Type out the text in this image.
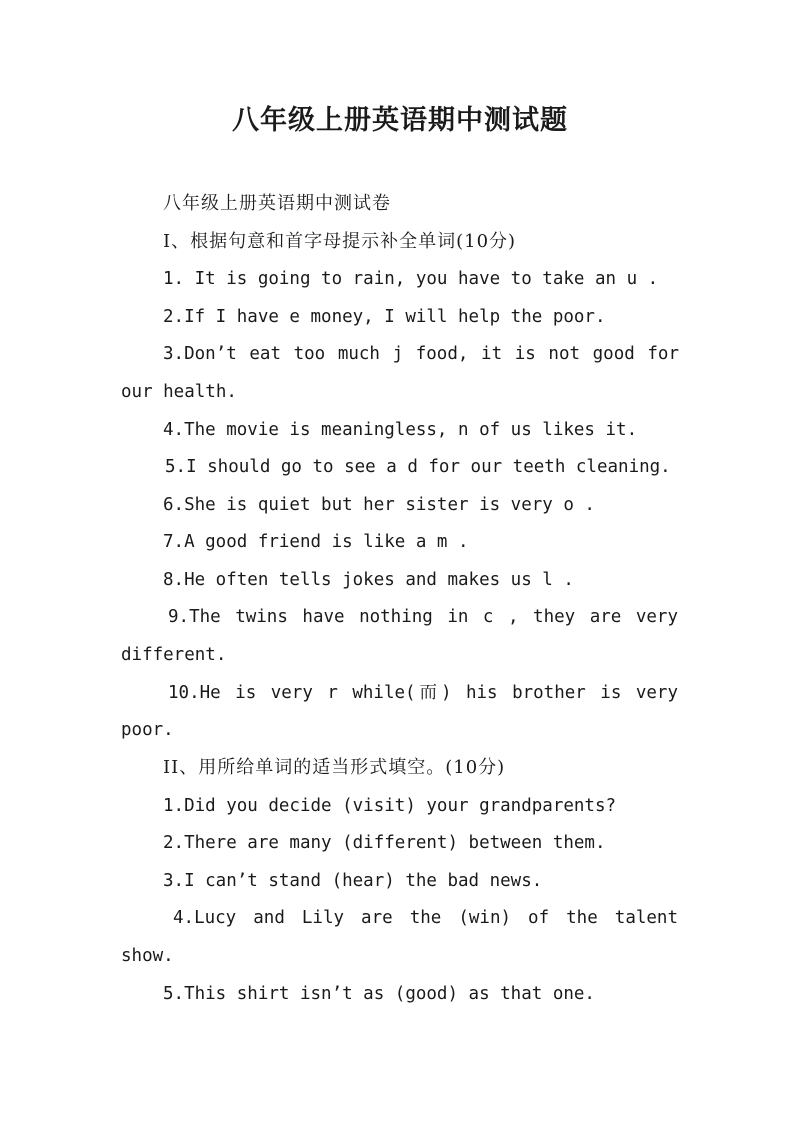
八年级上册英语期中测试题

八年级上册英语期中测试卷

I、根据句意和首字母提示补全单词(10分)

1. It is going to rain, you have to take an u .

2.If I have e money, I will help the poor.

3.Don’t eat too much j food, it is not good for

our health.

4.The movie is meaningless, n of us likes it.

5.I should go to see a d for our teeth cleaning.

6.She is quiet but her sister is very o .

7.A good friend is like a m .

8.He often tells jokes and makes us l .

9.The twins have nothing in c , they are very

different.

10.He is very r while(而) his brother is very

poor.

II、用所给单词的适当形式填空。(10分)

1.Did you decide (visit) your grandparents?

2.There are many (different) between them.

3.I can’t stand (hear) the bad news.

4.Lucy and Lily are the (win) of the talent

show.

5.This shirt isn’t as (good) as that one.
